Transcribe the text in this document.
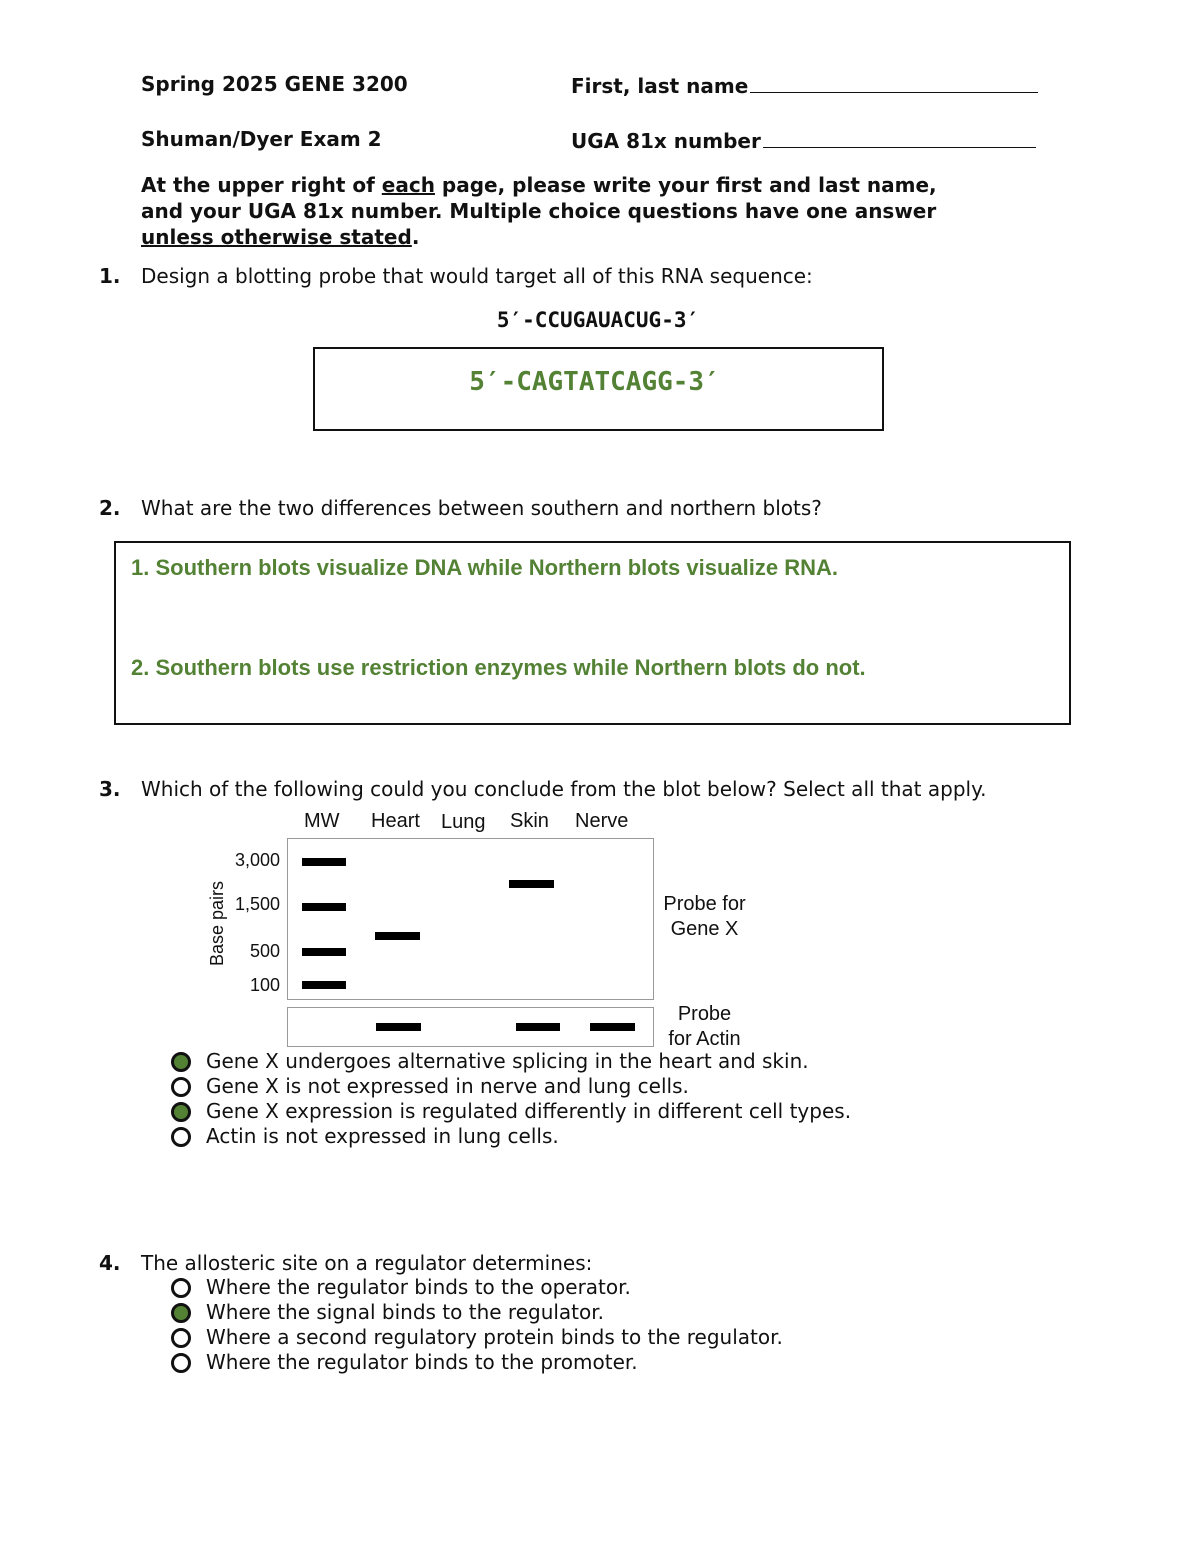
Spring 2025 GENE 3200	First, last name
Shuman/Dyer Exam 2	UGA 81x number
At the upper right of each page, please write your first and last name,
and your UGA 81x number. Multiple choice questions have one answer
unless otherwise stated.
1. Design a blotting probe that would target all of this RNA sequence:
5′-CCUGAUACUG-3′
5′-CAGTATCAGG-3′
2. What are the two differences between southern and northern blots?
1. Southern blots visualize DNA while Northern blots visualize RNA.
2. Southern blots use restriction enzymes while Northern blots do not.
3. Which of the following could you conclude from the blot below? Select all that apply.
MW Heart Lung Skin Nerve
Base pairs
3,000
1,500
500
100
Probe for
Gene X
Probe
for Actin
Gene X undergoes alternative splicing in the heart and skin.
Gene X is not expressed in nerve and lung cells.
Gene X expression is regulated differently in different cell types.
Actin is not expressed in lung cells.
4. The allosteric site on a regulator determines:
Where the regulator binds to the operator.
Where the signal binds to the regulator.
Where a second regulatory protein binds to the regulator.
Where the regulator binds to the promoter.
